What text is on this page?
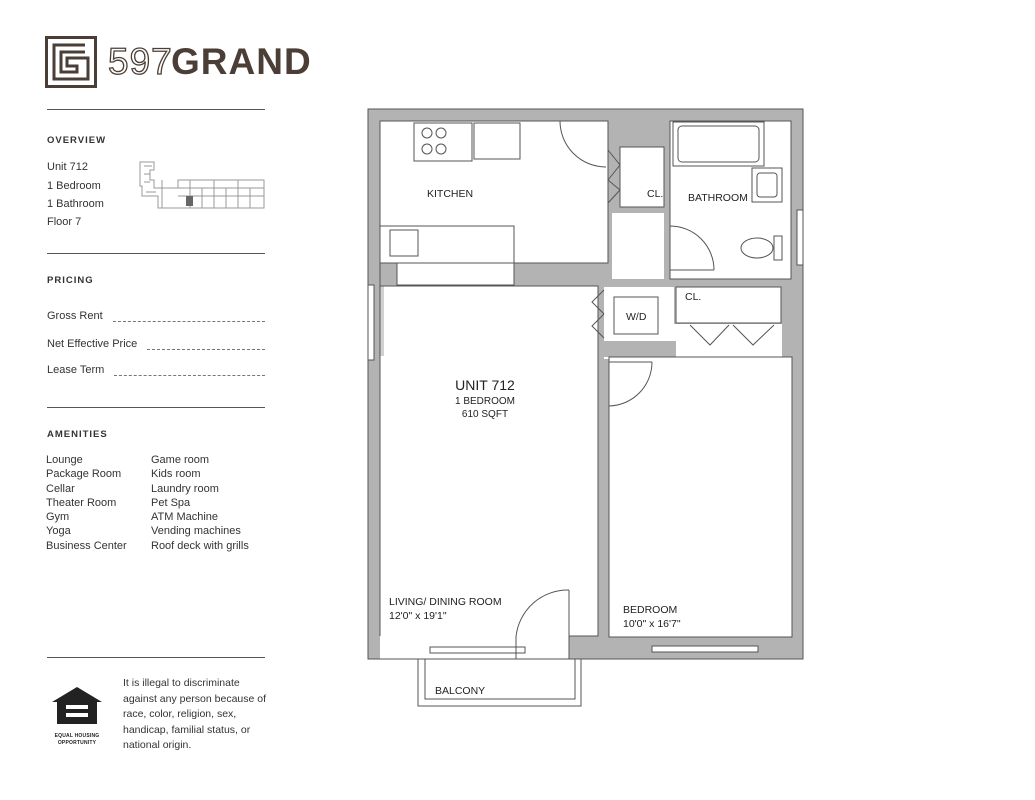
597
GRAND
OVERVIEW
Unit 712
1 Bedroom
1 Bathroom
Floor 7
PRICING
Gross Rent
Net Effective Price
Lease Term
AMENITIES
Lounge
Package Room
Cellar
Theater Room
Gym
Yoga
Business Center
Game room
Kids room
Laundry room
Pet Spa
ATM Machine
Vending machines
Roof deck with grills
EQUAL HOUSING
OPPORTUNITY
It is illegal to discriminate against any person because of race, color, religion, sex, handicap, familial status, or national origin.
KITCHEN	CL. BATHROOM
W/D
CL.
UNIT 712
1 BEDROOM
610 SQFT
LIVING/ DINING ROOM
12'0" x 19'1"	BEDROOM
10'0" x 16'7"
BALCONY
